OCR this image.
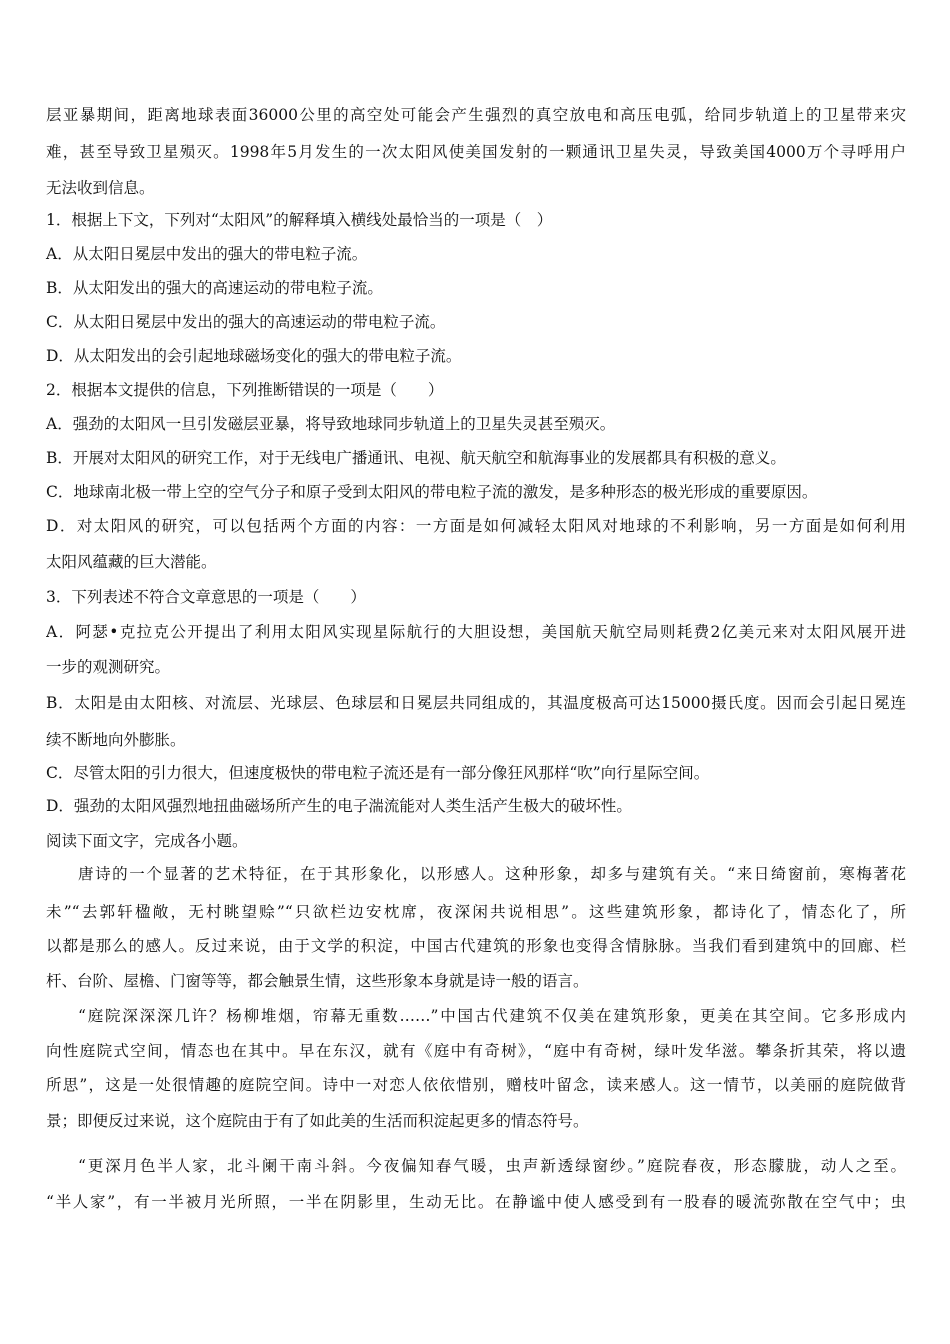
层亚暴期间，距离地球表面36000公里的高空处可能会产生强烈的真空放电和高压电弧，给同步轨道上的卫星带来灾
难，甚至导致卫星殒灭。1998年5月发生的一次太阳风使美国发射的一颗通讯卫星失灵，导致美国4000万个寻呼用户
无法收到信息。
1．根据上下文，下列对“太阳风”的解释填入横线处最恰当的一项是（　）
A．从太阳日冕层中发出的强大的带电粒子流。
B．从太阳发出的强大的高速运动的带电粒子流。
C．从太阳日冕层中发出的强大的高速运动的带电粒子流。
D．从太阳发出的会引起地球磁场变化的强大的带电粒子流。
2．根据本文提供的信息，下列推断错误的一项是（　　）
A．强劲的太阳风一旦引发磁层亚暴，将导致地球同步轨道上的卫星失灵甚至殒灭。
B．开展对太阳风的研究工作，对于无线电广播通讯、电视、航天航空和航海事业的发展都具有积极的意义。
C．地球南北极一带上空的空气分子和原子受到太阳风的带电粒子流的激发，是多种形态的极光形成的重要原因。
D．对太阳风的研究，可以包括两个方面的内容：一方面是如何减轻太阳风对地球的不利影响，另一方面是如何利用
太阳风蕴藏的巨大潜能。
3．下列表述不符合文章意思的一项是（　　）
A．阿瑟•克拉克公开提出了利用太阳风实现星际航行的大胆设想，美国航天航空局则耗费2亿美元来对太阳风展开进
一步的观测研究。
B．太阳是由太阳核、对流层、光球层、色球层和日冕层共同组成的，其温度极高可达15000摄氏度。因而会引起日冕连
续不断地向外膨胀。
C．尽管太阳的引力很大，但速度极快的带电粒子流还是有一部分像狂风那样“吹”向行星际空间。
D．强劲的太阳风强烈地扭曲磁场所产生的电子湍流能对人类生活产生极大的破坏性。
阅读下面文字，完成各小题。
唐诗的一个显著的艺术特征，在于其形象化，以形感人。这种形象，却多与建筑有关。“来日绮窗前，寒梅著花
未”“去郭轩楹敞，无村眺望赊”“只欲栏边安枕席，夜深闲共说相思”。这些建筑形象，都诗化了，情态化了，所
以都是那么的感人。反过来说，由于文学的积淀，中国古代建筑的形象也变得含情脉脉。当我们看到建筑中的回廊、栏
杆、台阶、屋檐、门窗等等，都会触景生情，这些形象本身就是诗一般的语言。
“庭院深深深几许？杨柳堆烟，帘幕无重数……”中国古代建筑不仅美在建筑形象，更美在其空间。它多形成内
向性庭院式空间，情态也在其中。早在东汉，就有《庭中有奇树》，“庭中有奇树，绿叶发华滋。攀条折其荣，将以遗
所思”，这是一处很情趣的庭院空间。诗中一对恋人依依惜别，赠枝叶留念，读来感人。这一情节，以美丽的庭院做背
景；即便反过来说，这个庭院由于有了如此美的生活而积淀起更多的情态符号。
“更深月色半人家，北斗阑干南斗斜。今夜偏知春气暖，虫声新透绿窗纱。”庭院春夜，形态朦胧，动人之至。
“半人家”，有一半被月光所照，一半在阴影里，生动无比。在静谧中使人感受到有一股春的暖流弥散在空气中；虫
